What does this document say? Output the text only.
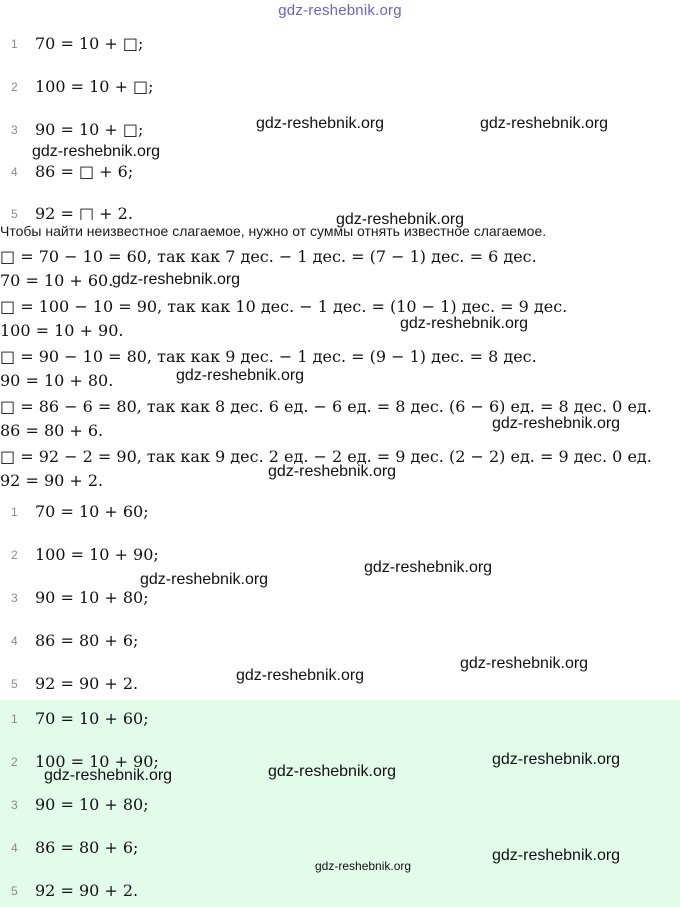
gdz-reshebnik.org
1	70 = 10 + □;
2	100 = 10 + □;
3	90 = 10 + □;
4	86 = □ + 6;
5	92 = □ + 2.
Чтобы найти неизвестное слагаемое, нужно от суммы отнять известное слагаемое.
□ = 70 − 10 = 60, так как 7 дес. − 1 дес. = (7 − 1) дес. = 6 дес.
70 = 10 + 60.
□ = 100 − 10 = 90, так как 10 дес. − 1 дес. = (10 − 1) дес. = 9 дес.
100 = 10 + 90.
□ = 90 − 10 = 80, так как 9 дес. − 1 дес. = (9 − 1) дес. = 8 дес.
90 = 10 + 80.
□ = 86 − 6 = 80, так как 8 дес. 6 ед. − 6 ед. = 8 дес. (6 − 6) ед. = 8 дес. 0 ед.
86 = 80 + 6.
□ = 92 − 2 = 90, так как 9 дес. 2 ед. − 2 ед. = 9 дес. (2 − 2) ед. = 9 дес. 0 ед.
92 = 90 + 2.
1	70 = 10 + 60;
2	100 = 10 + 90;
3	90 = 10 + 80;
4	86 = 80 + 6;
5	92 = 90 + 2.
1	70 = 10 + 60;
2	100 = 10 + 90;
3	90 = 10 + 80;
4	86 = 80 + 6;
5	92 = 90 + 2.
gdz-reshebnik.org	gdz-reshebnik.org
gdz-reshebnik.org
gdz-reshebnik.org
gdz-reshebnik.org
gdz-reshebnik.org
gdz-reshebnik.org
gdz-reshebnik.org
gdz-reshebnik.org
gdz-reshebnik.org
gdz-reshebnik.org
gdz-reshebnik.org
gdz-reshebnik.org
gdz-reshebnik.org
gdz-reshebnik.org
gdz-reshebnik.org
gdz-reshebnik.org
gdz-reshebnik.org
